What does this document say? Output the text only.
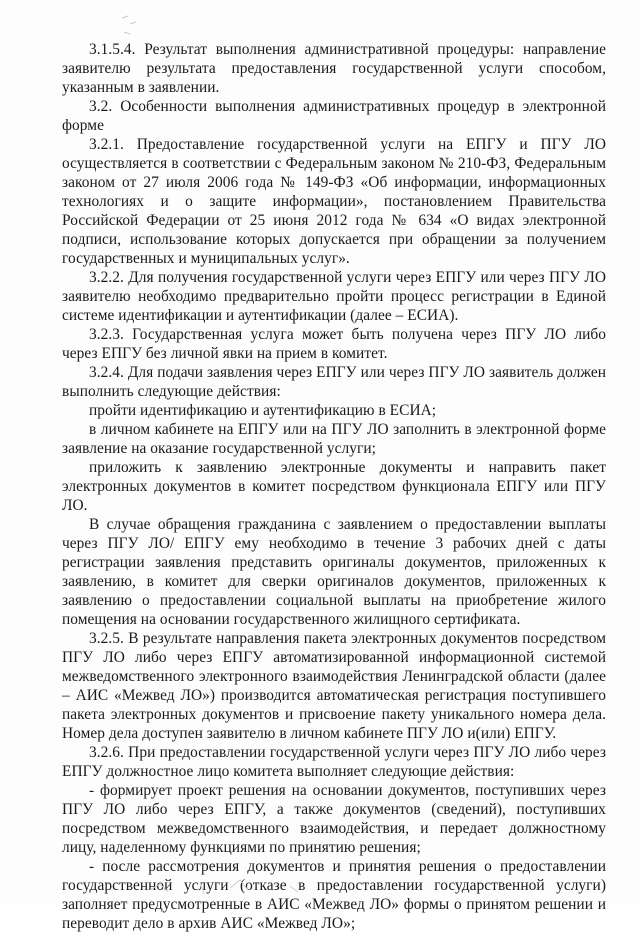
3.1.5.4. Результат выполнения административной процедуры: направление заявителю результата предоставления государственной услуги способом, указанным в заявлении.

3.2. Особенности выполнения административных процедур в электронной форме

3.2.1. Предоставление государственной услуги на ЕПГУ и ПГУ ЛО осуществляется в соответствии с Федеральным законом № 210-ФЗ, Федеральным законом от 27 июля 2006 года № 149-ФЗ «Об информации, информационных технологиях и о защите информации», постановлением Правительства Российской Федерации от 25 июня 2012 года № 634 «О видах электронной подписи, использование которых допускается при обращении за получением государственных и муниципальных услуг».

3.2.2. Для получения государственной услуги через ЕПГУ или через ПГУ ЛО заявителю необходимо предварительно пройти процесс регистрации в Единой системе идентификации и аутентификации (далее – ЕСИА).

3.2.3. Государственная услуга может быть получена через ПГУ ЛО либо через ЕПГУ без личной явки на прием в комитет.

3.2.4. Для подачи заявления через ЕПГУ или через ПГУ ЛО заявитель должен выполнить следующие действия:

пройти идентификацию и аутентификацию в ЕСИА;

в личном кабинете на ЕПГУ или на ПГУ ЛО заполнить в электронной форме заявление на оказание государственной услуги;

приложить к заявлению электронные документы и направить пакет электронных документов в комитет посредством функционала ЕПГУ или ПГУ ЛО.

В случае обращения гражданина с заявлением о предоставлении выплаты через ПГУ ЛО/ ЕПГУ ему необходимо в течение 3 рабочих дней с даты регистрации заявления представить оригиналы документов, приложенных к заявлению, в комитет для сверки оригиналов документов, приложенных к заявлению о предоставлении социальной выплаты на приобретение жилого помещения на основании государственного жилищного сертификата.

3.2.5. В результате направления пакета электронных документов посредством ПГУ ЛО либо через ЕПГУ автоматизированной информационной системой межведомственного электронного взаимодействия Ленинградской области (далее – АИС «Межвед ЛО») производится автоматическая регистрация поступившего пакета электронных документов и присвоение пакету уникального номера дела. Номер дела доступен заявителю в личном кабинете ПГУ ЛО и(или) ЕПГУ.

3.2.6. При предоставлении государственной услуги через ПГУ ЛО либо через ЕПГУ должностное лицо комитета выполняет следующие действия:

- формирует проект решения на основании документов, поступивших через ПГУ ЛО либо через ЕПГУ, а также документов (сведений), поступивших посредством межведомственного взаимодействия, и передает должностному лицу, наделенному функциями по принятию решения;

- после рассмотрения документов и принятия решения о предоставлении государственной услуги (отказе в предоставлении государственной услуги) заполняет предусмотренные в АИС «Межвед ЛО» формы о принятом решении и переводит дело в архив АИС «Межвед ЛО»;
